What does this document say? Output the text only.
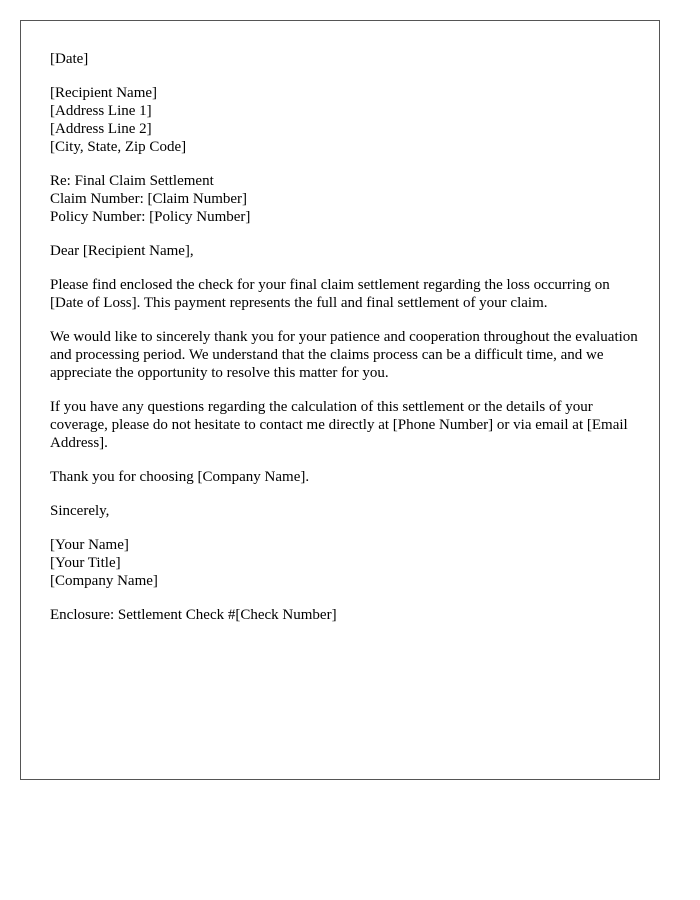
[Date]
[Recipient Name]
[Address Line 1]
[Address Line 2]
[City, State, Zip Code]
Re: Final Claim Settlement
Claim Number: [Claim Number]
Policy Number: [Policy Number]
Dear [Recipient Name],

Please find enclosed the check for your final claim settlement regarding the loss occurring on [Date of Loss]. This payment represents the full and final settlement of your claim.

We would like to sincerely thank you for your patience and cooperation throughout the evaluation and processing period. We understand that the claims process can be a difficult time, and we appreciate the opportunity to resolve this matter for you.

If you have any questions regarding the calculation of this settlement or the details of your coverage, please do not hesitate to contact me directly at [Phone Number] or via email at [Email Address].

Thank you for choosing [Company Name].

Sincerely,
[Your Name]
[Your Title]
[Company Name]
Enclosure: Settlement Check #[Check Number]
